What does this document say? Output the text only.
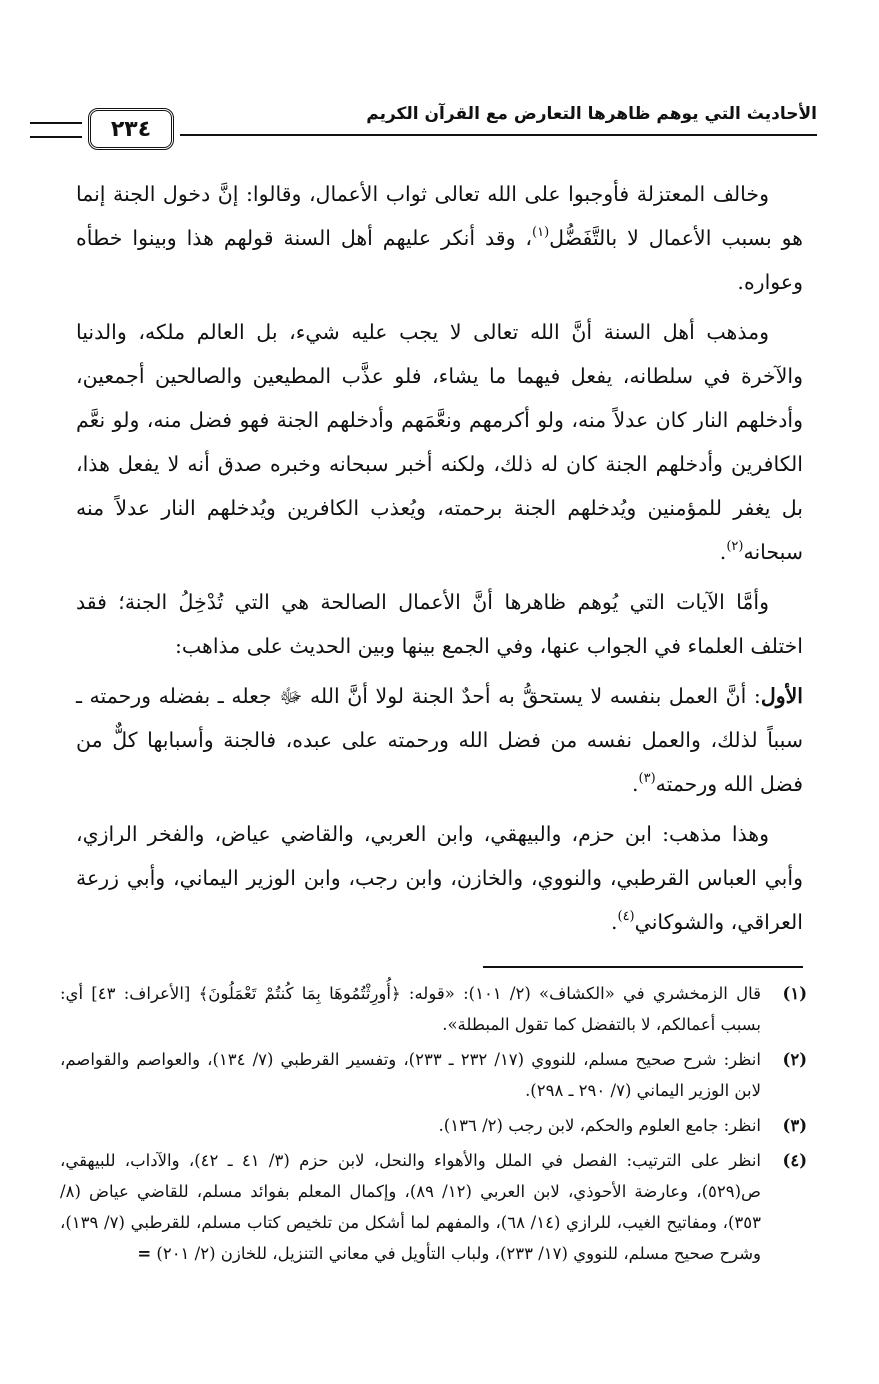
الأحاديث التي يوهم ظاهرها التعارض مع القرآن الكريم
٢٣٤

وخالف المعتزلة فأوجبوا على الله تعالى ثواب الأعمال، وقالوا: إنَّ دخول الجنة إنما هو بسبب الأعمال لا بالتَّفَضُّل$^{(١)}$، وقد أنكر عليهم أهل السنة قولهم هذا وبينوا خطأه وعواره.

ومذهب أهل السنة أنَّ الله تعالى لا يجب عليه شيء، بل العالم ملكه، والدنيا والآخرة في سلطانه، يفعل فيهما ما يشاء، فلو عذَّب المطيعين والصالحين أجمعين، وأدخلهم النار كان عدلاً منه، ولو أكرمهم ونعَّمَهم وأدخلهم الجنة فهو فضل منه، ولو نعَّم الكافرين وأدخلهم الجنة كان له ذلك، ولكنه أخبر سبحانه وخبره صدق أنه لا يفعل هذا، بل يغفر للمؤمنين ويُدخلهم الجنة برحمته، ويُعذب الكافرين ويُدخلهم النار عدلاً منه سبحانه$^{(٢)}$.

وأمَّا الآيات التي يُوهم ظاهرها أنَّ الأعمال الصالحة هي التي تُدْخِلُ الجنة؛ فقد اختلف العلماء في الجواب عنها، وفي الجمع بينها وبين الحديث على مذاهب:

الأول: أنَّ العمل بنفسه لا يستحقُّ به أحدٌ الجنة لولا أنَّ الله ﷻ جعله ـ بفضله ورحمته ـ سبباً لذلك، والعمل نفسه من فضل الله ورحمته على عبده، فالجنة وأسبابها كلٌّ من فضل الله ورحمته$^{(٣)}$.

وهذا مذهب: ابن حزم، والبيهقي، وابن العربي، والقاضي عياض، والفخر الرازي، وأبي العباس القرطبي، والنووي، والخازن، وابن رجب، وابن الوزير اليماني، وأبي زرعة العراقي، والشوكاني$^{(٤)}$.

(١)
قال الزمخشري في «الكشاف» (٢/ ١٠١): «قوله: ﴿أُورِثْتُمُوهَا بِمَا كُنتُمْ تَعْمَلُونَ﴾ [الأعراف: ٤٣] أي: بسبب أعمالكم، لا بالتفضل كما تقول المبطلة».
(٢)
انظر: شرح صحيح مسلم، للنووي (١٧/ ٢٣٢ ـ ٢٣٣)، وتفسير القرطبي (٧/ ١٣٤)، والعواصم والقواصم، لابن الوزير اليماني (٧/ ٢٩٠ ـ ٢٩٨).
(٣)
انظر: جامع العلوم والحكم، لابن رجب (٢/ ١٣٦).
(٤)
انظر على الترتيب: الفصل في الملل والأهواء والنحل، لابن حزم (٣/ ٤١ ـ ٤٢)، والآداب، للبيهقي، ص(٥٢٩)، وعارضة الأحوذي، لابن العربي (١٢/ ٨٩)، وإكمال المعلم بفوائد مسلم، للقاضي عياض (٨/ ٣٥٣)، ومفاتيح الغيب، للرازي (١٤/ ٦٨)، والمفهم لما أشكل من تلخيص كتاب مسلم، للقرطبي (٧/ ١٣٩)، وشرح صحيح مسلم، للنووي (١٧/ ٢٣٣)، ولباب التأويل في معاني التنزيل، للخازن (٢/ ٢٠١) =
